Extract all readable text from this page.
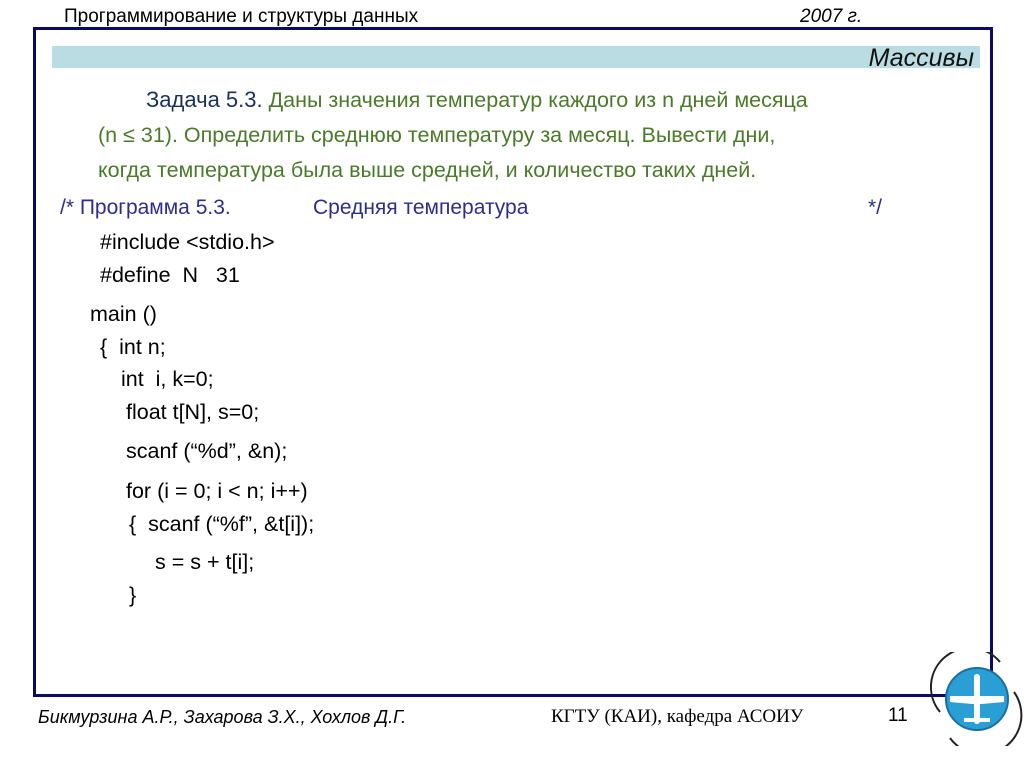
Программирование и структуры данных	2007 г.
Массивы
Задача 5.3. Даны значения температур каждого из n дней месяца
(n ≤ 31). Определить среднюю температуру за месяц. Вывести дни,
когда температура была выше средней, и количество таких дней.
/* Программа 5.3.	Средняя температура	*/
#include <stdio.h>
#define  N   31
main ()
{  int n;
int  i, k=0;
float t[N], s=0;
scanf (“%d”, &n);
for (i = 0; i < n; i++)
{  scanf (“%f”, &t[i]);
s = s + t[i];
}
Бикмурзина А.Р., Захарова З.Х., Хохлов Д.Г.	КГТУ (КАИ), кафедра АСОИУ	11
